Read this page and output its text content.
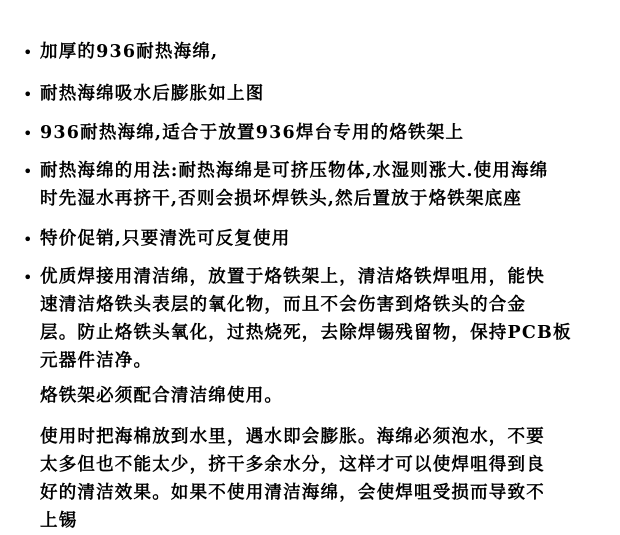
• 加厚的936耐热海绵,
• 耐热海绵吸水后膨胀如上图
• 936耐热海绵,适合于放置936焊台专用的烙铁架上
• 耐热海绵的用法:耐热海绵是可挤压物体,水湿则涨大.使用海绵
时先湿水再挤干,否则会损坏焊铁头,然后置放于烙铁架底座
• 特价促销,只要清洗可反复使用
• 优质焊接用清洁绵，放置于烙铁架上，清洁烙铁焊咀用，能快
速清洁烙铁头表层的氧化物，而且不会伤害到烙铁头的合金
层。防止烙铁头氧化，过热烧死，去除焊锡残留物，保持PCB板
元器件洁净。
烙铁架必须配合清洁绵使用。
使用时把海棉放到水里，遇水即会膨胀。海绵必须泡水，不要
太多但也不能太少，挤干多余水分，这样才可以使焊咀得到良
好的清洁效果。如果不使用清洁海绵，会使焊咀受损而导致不
上锡
